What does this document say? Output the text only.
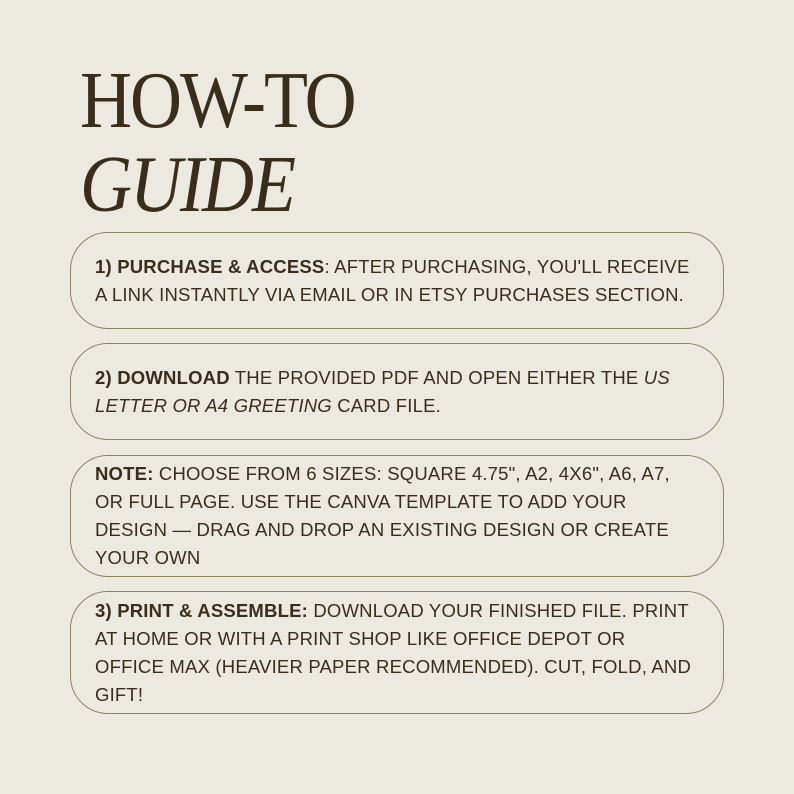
HOW-TO
GUIDE
1) PURCHASE & ACCESS: AFTER PURCHASING, YOU'LL RECEIVE A LINK INSTANTLY VIA EMAIL OR IN ETSY PURCHASES SECTION.
2) DOWNLOAD THE PROVIDED PDF AND OPEN EITHER THE US LETTER OR A4 GREETING CARD FILE.
NOTE: CHOOSE FROM 6 SIZES: SQUARE 4.75", A2, 4X6", A6, A7, OR FULL PAGE. USE THE CANVA TEMPLATE TO ADD YOUR DESIGN — DRAG AND DROP AN EXISTING DESIGN OR CREATE YOUR OWN
3) PRINT & ASSEMBLE: DOWNLOAD YOUR FINISHED FILE. PRINT AT HOME OR WITH A PRINT SHOP LIKE OFFICE DEPOT OR OFFICE MAX (HEAVIER PAPER RECOMMENDED). CUT, FOLD, AND GIFT!
